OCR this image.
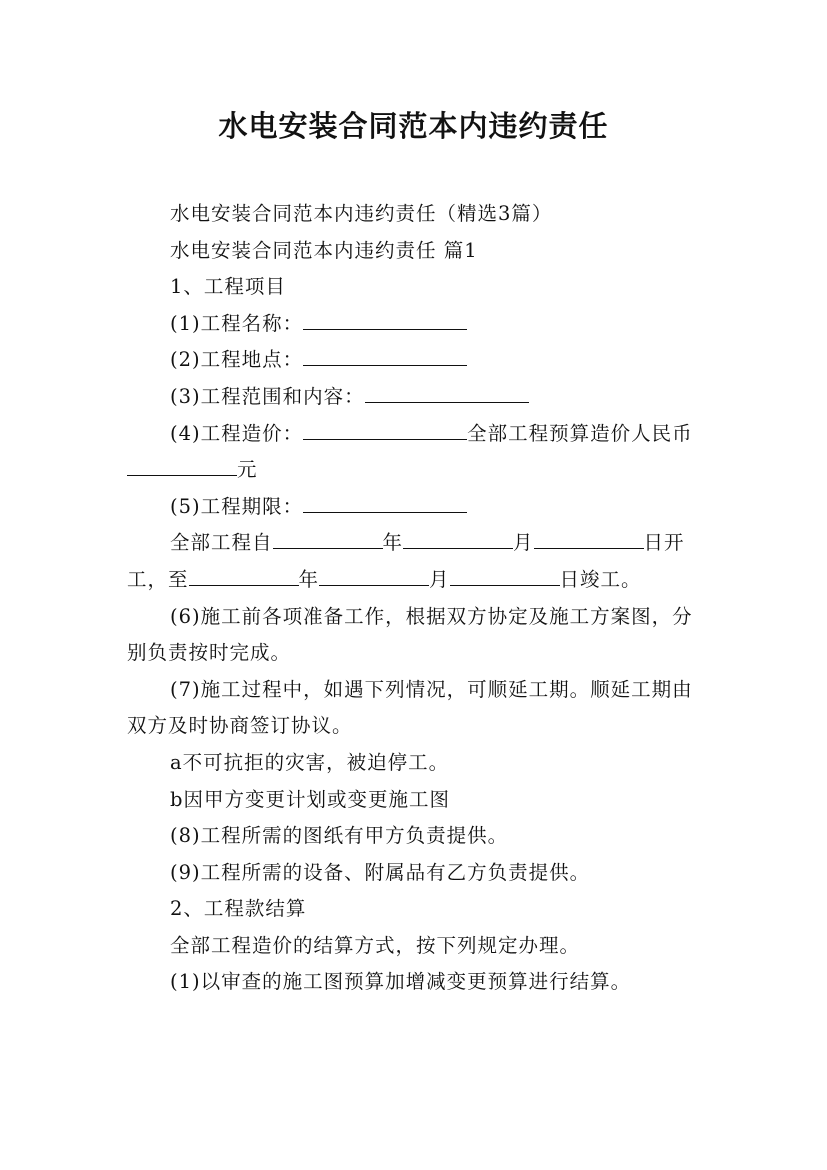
水电安装合同范本内违约责任

水电安装合同范本内违约责任（精选3篇）

水电安装合同范本内违约责任 篇1

1、工程项目

(1)工程名称：

(2)工程地点：

(3)工程范围和内容：

(4)工程造价：	全部工程预算造价人民币元

(5)工程期限：

全部工程自	年	月	日开工，至	年	月	日竣工。

(6)施工前各项准备工作，根据双方协定及施工方案图，分别负责按时完成。

(7)施工过程中，如遇下列情况，可顺延工期。顺延工期由双方及时协商签订协议。

a不可抗拒的灾害，被迫停工。

b因甲方变更计划或变更施工图

(8)工程所需的图纸有甲方负责提供。

(9)工程所需的设备、附属品有乙方负责提供。

2、工程款结算

全部工程造价的结算方式，按下列规定办理。

(1)以审查的施工图预算加增减变更预算进行结算。
